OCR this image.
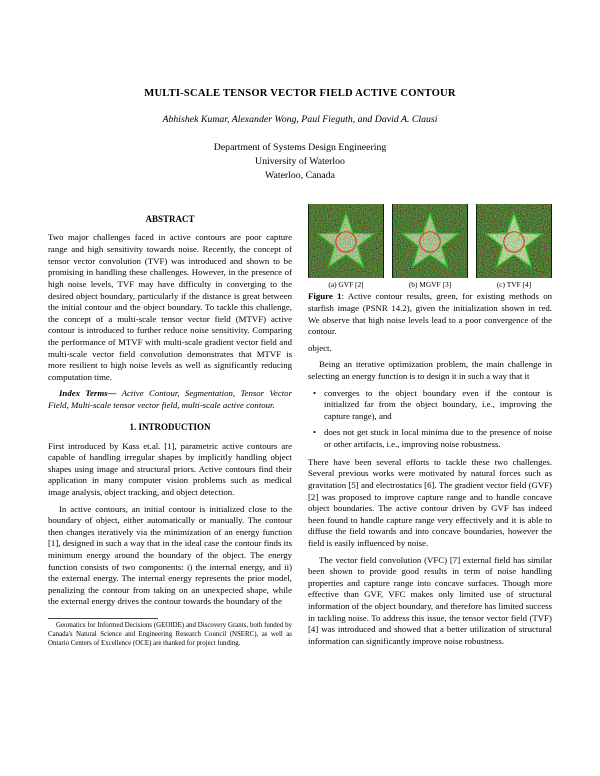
MULTI-SCALE TENSOR VECTOR FIELD ACTIVE CONTOUR
Abhishek Kumar, Alexander Wong, Paul Fieguth, and David A. Clausi
Department of Systems Design Engineering
University of Waterloo
Waterloo, Canada
ABSTRACT

Two major challenges faced in active contours are poor capture range and high sensitivity towards noise. Recently, the concept of tensor vector convolution (TVF) was introduced and shown to be promising in handling these challenges. However, in the presence of high noise levels, TVF may have difficulty in converging to the desired object boundary, particularly if the distance is great between the initial contour and the object boundary. To tackle this challenge, the concept of a multi-scale tensor vector field (MTVF) active contour is introduced to further reduce noise sensitivity. Comparing the performance of MTVF with multi-scale gradient vector field and multi-scale vector field convolution demonstrates that MTVF is more resilient to high noise levels as well as significantly reducing computation time.

Index Terms— Active Contour, Segmentation, Tensor Vector Field, Multi-scale tensor vector field, multi-scale active contour.

1. INTRODUCTION

First introduced by Kass et.al. [1], parametric active contours are capable of handling irregular shapes by implicitly handling object shapes using image and structural priors. Active contours find their application in many computer vision problems such as medical image analysis, object tracking, and object detection.

In active contours, an initial contour is initialized close to the boundary of object, either automatically or manually. The contour then changes iteratively via the minimization of an energy function [1], designed in such a way that in the ideal case the contour finds its minimum energy around the boundary of the object. The energy function consists of two components: i) the internal energy, and ii) the external energy. The internal energy represents the prior model, penalizing the contour from taking on an unexpected shape, while the external energy drives the contour towards the boundary of the

Geomatics for Informed Decisions (GEOIDE) and Discovery Grants, both funded by Canada's Natural Science and Engineering Research Council (NSERC), as well as Ontario Centers of Excellence (OCE) are thanked for project funding.
(a) GVF [2]	(b) MGVF [3]	(c) TVF [4]

Figure 1: Active contour results, green, for existing methods on starfish image (PSNR 14.2), given the initialization shown in red. We observe that high noise levels lead to a poor convergence of the contour.

object.

Being an iterative optimization problem, the main challenge in selecting an energy function is to design it in such a way that it

• converges to the object boundary even if the contour is initialized far from the object boundary, i.e., improving the capture range), and
• does not get stuck in local minima due to the presence of noise or other artifacts, i.e., improving noise robustness.

There have been several efforts to tackle these two challenges. Several previous works were motivated by natural forces such as gravitation [5] and electrostatics [6]. The gradient vector field (GVF) [2] was proposed to improve capture range and to handle concave object boundaries. The active contour driven by GVF has indeed been found to handle capture range very effectively and it is able to diffuse the field towards and into concave boundaries, however the field is easily influenced by noise.

The vector field convolution (VFC) [7] external field has similar been shown to provide good results in term of noise handling properties and capture range into concave surfaces. Though more effective than GVF, VFC makes only limited use of structural information of the object boundary, and therefore has limited success in tackling noise. To address this issue, the tensor vector field (TVF) [4] was introduced and showed that a better utilization of structural information can significantly improve noise robustness.
